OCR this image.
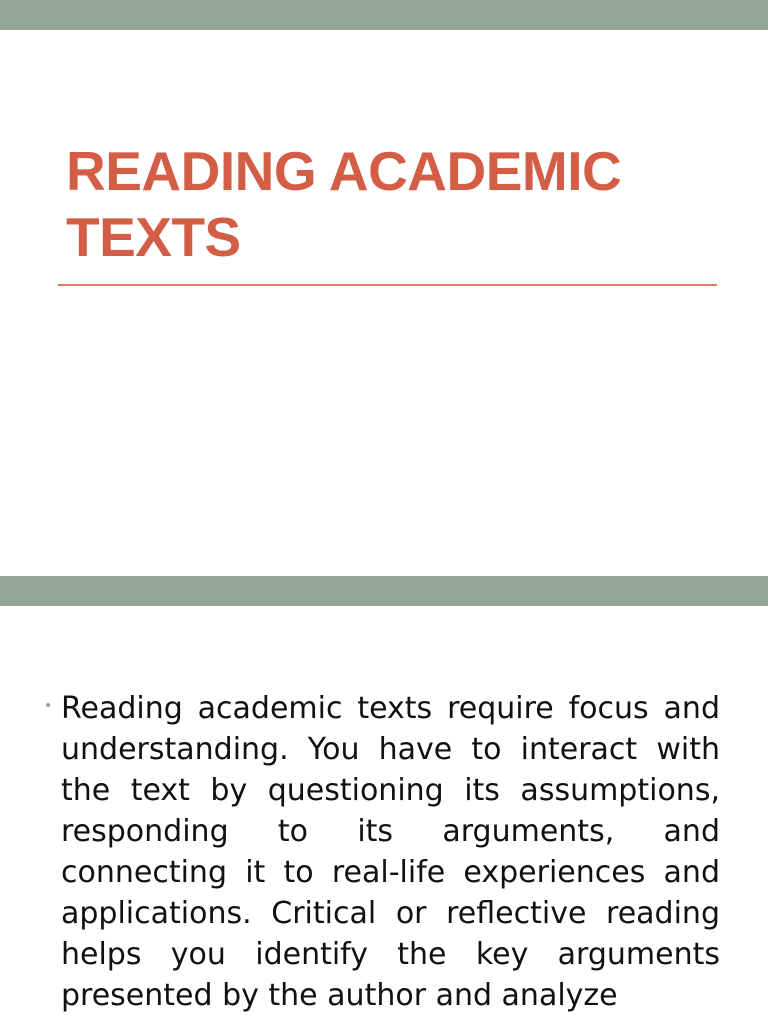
READING ACADEMIC TEXTS
• Reading academic texts require focus and understanding. You have to interact with the text by questioning its assumptions, responding to its arguments, and connecting it to real-life experiences and applications. Critical or reflective reading helps you identify the key arguments presented by the author and analyze
